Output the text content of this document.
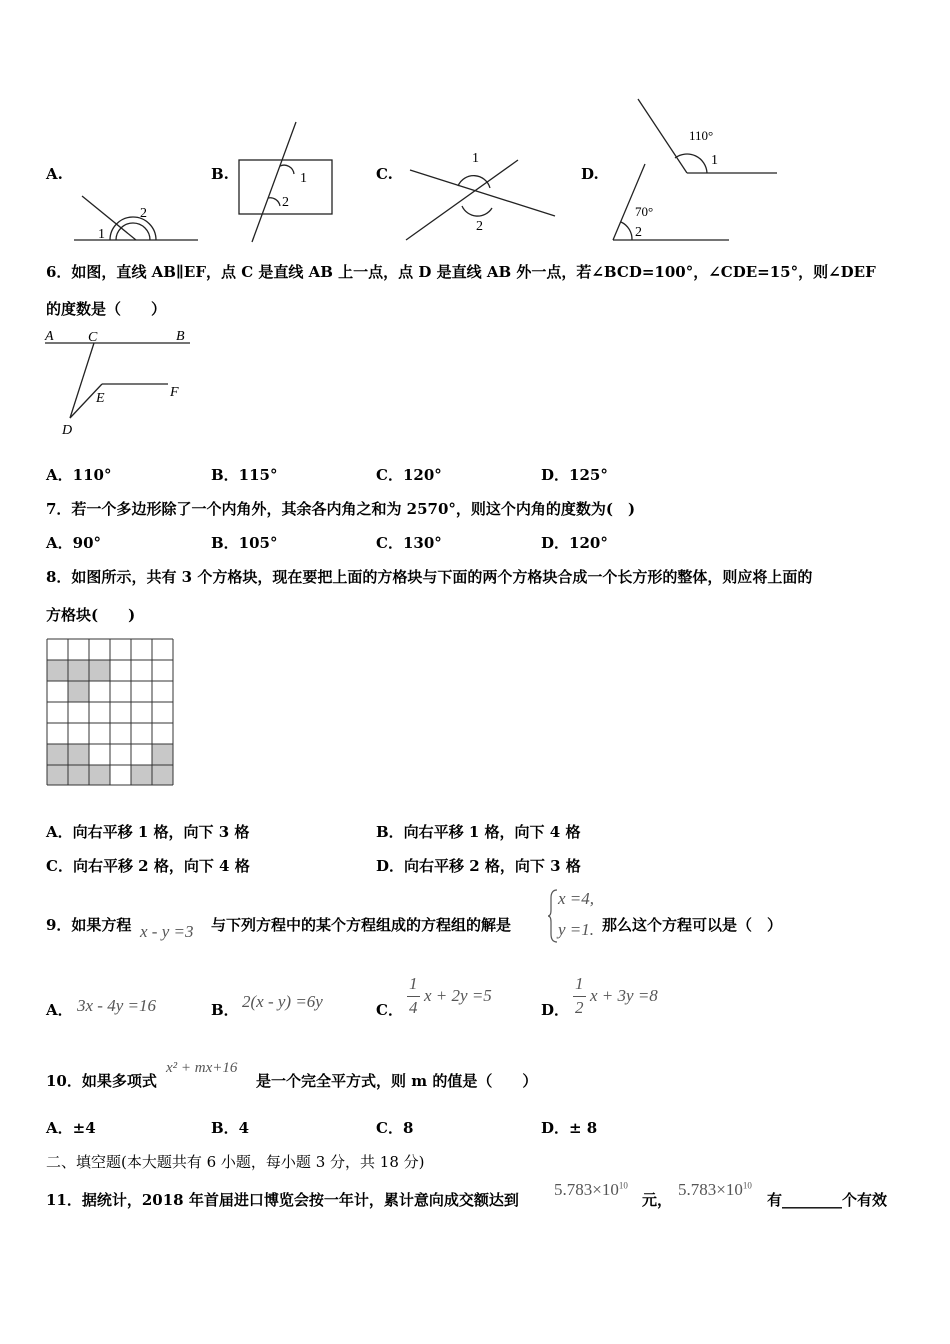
A.	B.	C.	D.
1
2
1
2
1
2
110°
1
70°
2
6．如图，直线 AB∥EF，点 C 是直线 AB 上一点，点 D 是直线 AB 外一点，若∠BCD=100°，∠CDE=15°，则∠DEF
的度数是（　　）
A C	B
E	F
D
A．110°	B．115°	C．120°	D．125°
7．若一个多边形除了一个内角外，其余各内角之和为 2570°，则这个内角的度数为(　)
A．90°	B．105°	C．130°	D．120°
8．如图所示，共有 3 个方格块，现在要把上面的方格块与下面的两个方格块合成一个长方形的整体，则应将上面的
方格块(　　)
A．向右平移 1 格，向下 3 格	B．向右平移 1 格，向下 4 格
C．向右平移 2 格，向下 4 格	D．向右平移 2 格，向下 3 格
9．如果方程 x - y =3 与下列方程中的某个方程组成的方程组的解是
x =4,
y =1. 那么这个方程可以是（　）
A． 3x - 4y =16	B． 2(x - y) =6y	C．
1
4
x + 2y =5
D．
1
2
x + 3y =8
10．如果多项式
x² + mx+16
是一个完全平方式，则 m 的值是（　　）
A．±4	B．4	C．8	D．± 8
二、填空题(本大题共有 6 小题，每小题 3 分，共 18 分)
11．据统计，2018 年首届进口博览会按一年计，累计意向成交额达到
$5.783\times 10^{10}$
元，
$5.783\times 10^{10}$
有________个有效
